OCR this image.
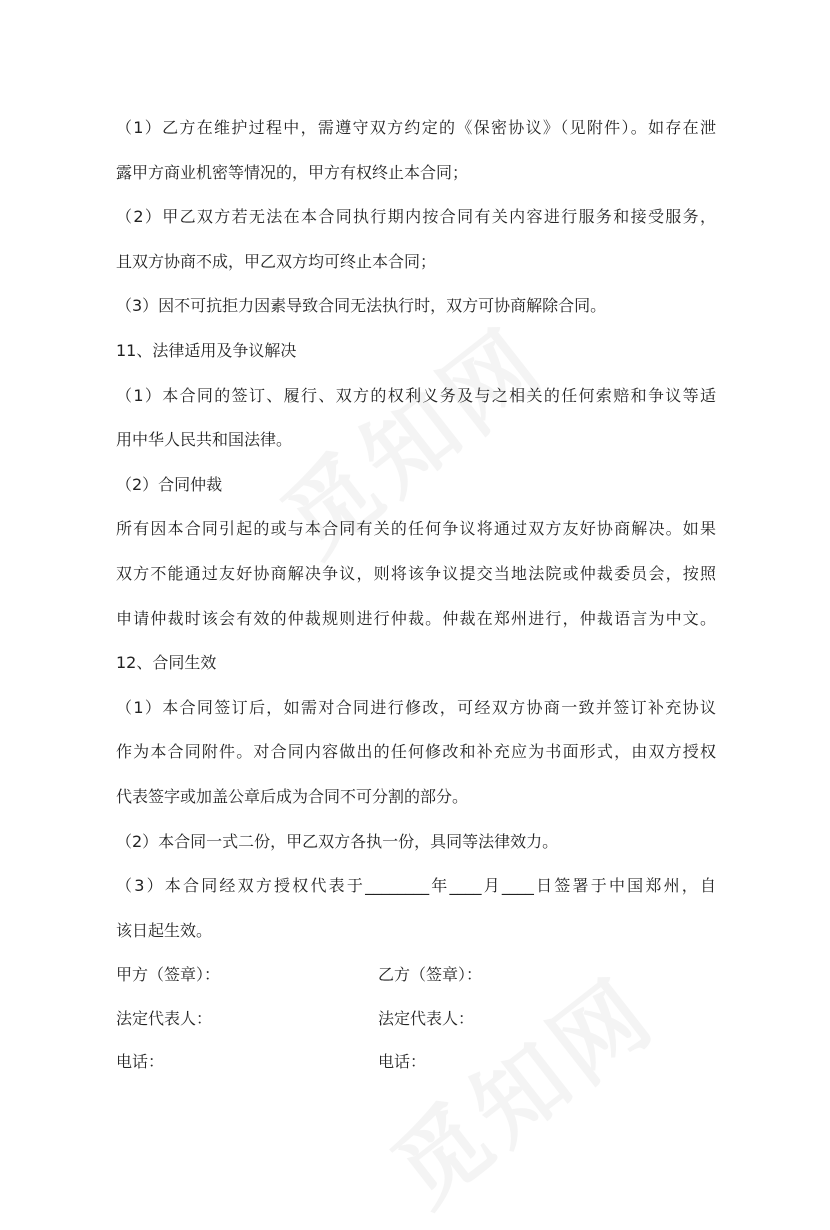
（1）乙方在维护过程中，需遵守双方约定的《保密协议》（见附件）。如存在泄
露甲方商业机密等情况的，甲方有权终止本合同；
（2）甲乙双方若无法在本合同执行期内按合同有关内容进行服务和接受服务，
且双方协商不成，甲乙双方均可终止本合同；
（3）因不可抗拒力因素导致合同无法执行时，双方可协商解除合同。
11、法律适用及争议解决
（1）本合同的签订、履行、双方的权利义务及与之相关的任何索赔和争议等适
用中华人民共和国法律。
（2）合同仲裁
所有因本合同引起的或与本合同有关的任何争议将通过双方友好协商解决。如果
双方不能通过友好协商解决争议，则将该争议提交当地法院或仲裁委员会，按照
申请仲裁时该会有效的仲裁规则进行仲裁。仲裁在郑州进行，仲裁语言为中文。
12、合同生效
（1）本合同签订后，如需对合同进行修改，可经双方协商一致并签订补充协议
作为本合同附件。对合同内容做出的任何修改和补充应为书面形式，由双方授权
代表签字或加盖公章后成为合同不可分割的部分。
（2）本合同一式二份，甲乙双方各执一份，具同等法律效力。
（3）本合同经双方授权代表于________年____月____日签署于中国郑州，自
该日起生效。
甲方（签章）：	乙方（签章）：
法定代表人：	法定代表人：
电话：	电话：
